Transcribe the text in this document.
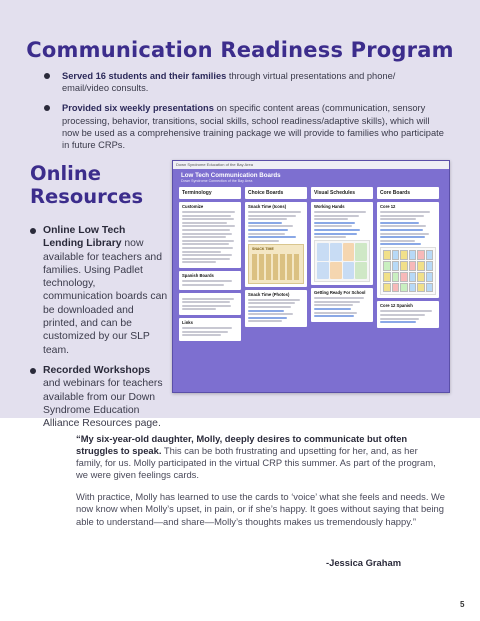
Communication Readiness Program
Served 16 students and their families through virtual presentations and phone/ email/video consults.
Provided six weekly presentations on specific content areas (communication, sensory processing, behavior, transitions, social skills, school readiness/adaptive skills), which will now be used as a comprehensive training package we will provide to families who participate in future CRPs.
Online
Resources
Online Low Tech Lending Library now available for teachers and families. Using Padlet technology, communication boards can be downloaded and printed, and can be customized by our SLP team.
Recorded Workshops and webinars for teachers available from our Down Syndrome Education Alliance Resources page.
Down Syndrome Education of the Bay Area
Low Tech Communication Boards
Down Syndrome Connection of the Bay Area
Terminology
Customize
Spanish Boards
Links
Choice Boards
Snack Time (Icons)
SNACK TIME
Snack Time (Photos)
Visual Schedules
Working Hands
Getting Ready For School
Core Boards
Core 12
Core 12 Spanish

“My six-year-old daughter, Molly, deeply desires to communicate but often struggles to speak. This can be both frustrating and upsetting for her, and, as her family, for us. Molly participated in the virtual CRP this summer. As part of the program, we were given feelings cards.

With practice, Molly has learned to use the cards to ‘voice’ what she feels and needs. We now know when Molly’s upset, in pain, or if she’s happy. It goes without saying that being able to understand—and share—Molly’s thoughts makes us tremendously happy.”

-Jessica Graham
5
